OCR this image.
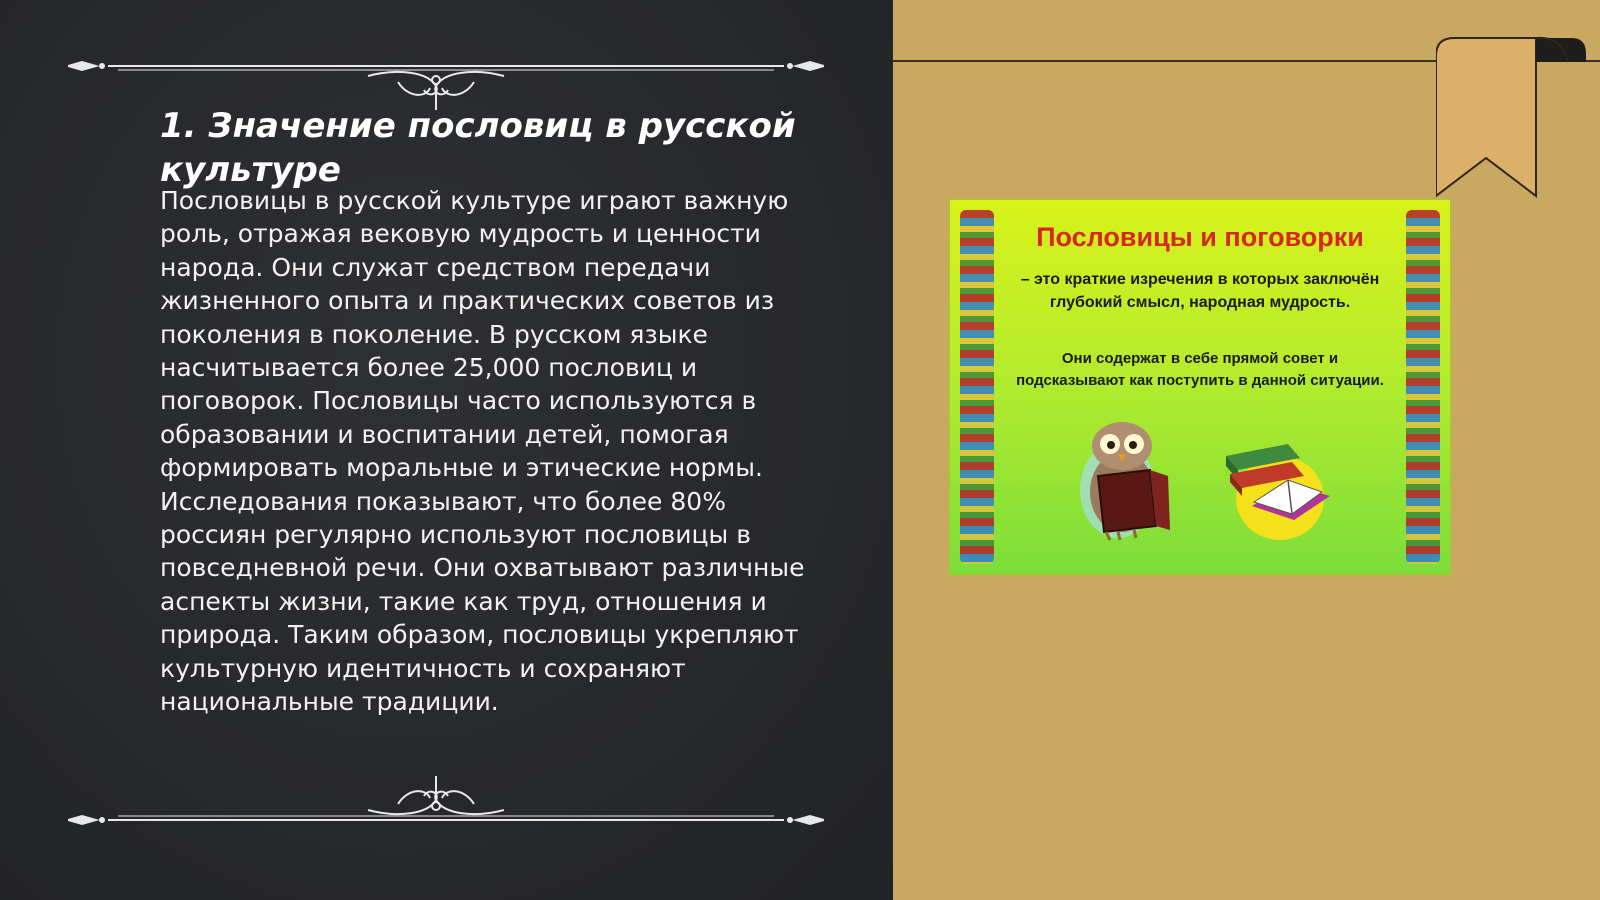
1. Значение пословиц в русской культуре

Пословицы в русской культуре играют важную роль, отражая вековую мудрость и ценности народа. Они служат средством передачи жизненного опыта и практических советов из поколения в поколение. В русском языке насчитывается более 25,000 пословиц и поговорок. Пословицы часто используются в образовании и воспитании детей, помогая формировать моральные и этические нормы. Исследования показывают, что более 80% россиян регулярно используют пословицы в повседневной речи. Они охватывают различные аспекты жизни, такие как труд, отношения и природа. Таким образом, пословицы укрепляют культурную идентичность и сохраняют национальные традиции.

Пословицы и поговорки

– это краткие изречения в которых заключён глубокий смысл, народная мудрость.

Они содержат в себе прямой совет и подсказывают как поступить в данной ситуации.
